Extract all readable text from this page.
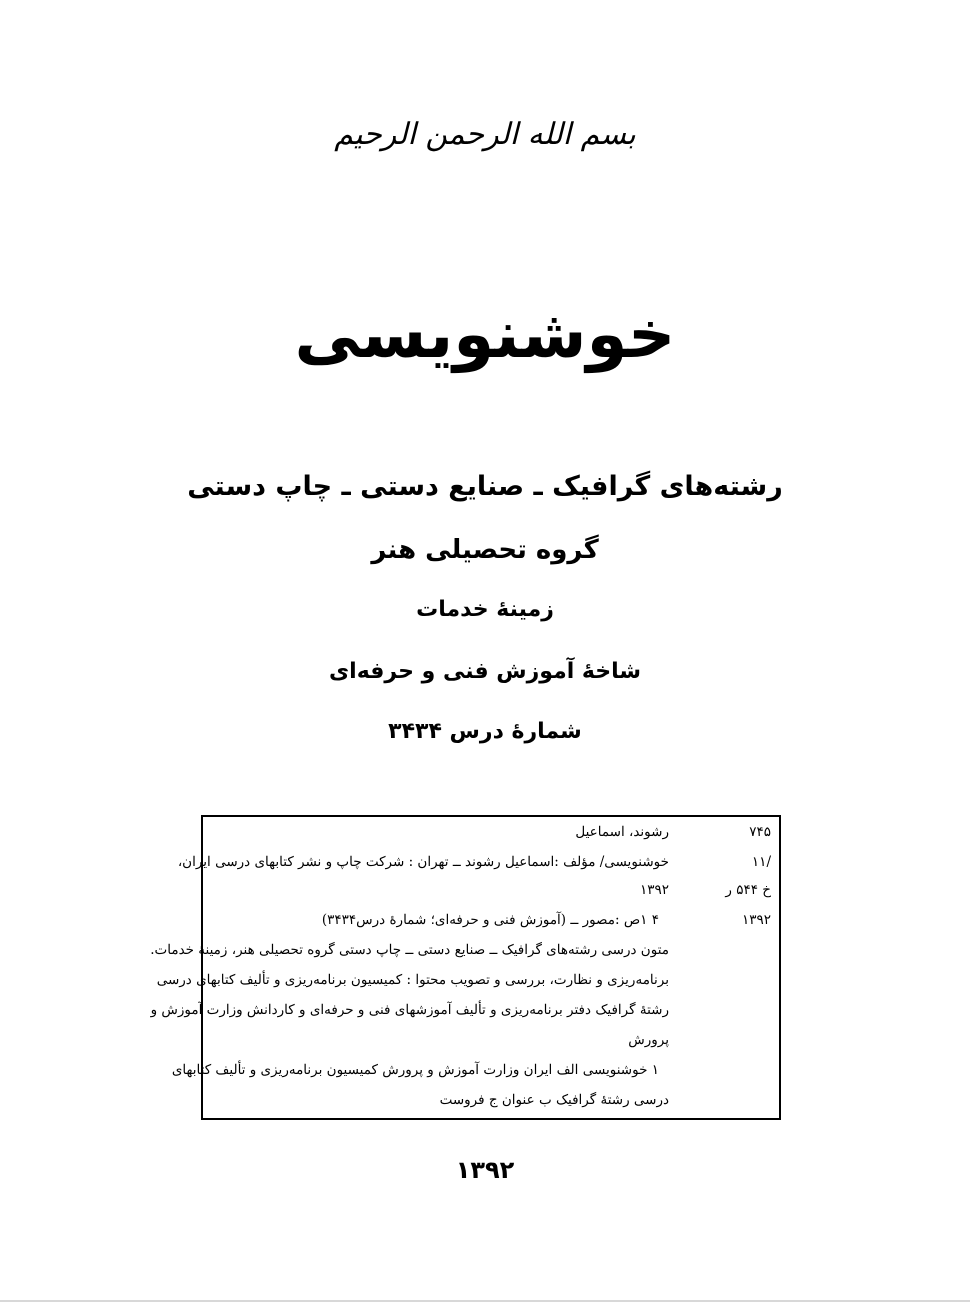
بسم الله الرحمن الرحیم
خوشنویسی
رشته‌های گرافیک ـ صنایع دستی ـ چاپ دستی
گروه تحصیلی هنر
زمینهٔ خدمات
شاخهٔ آموزش فنی و حرفه‌ای
شمارهٔ درس ۳۴۳۴
۷۴۵
رشوند، اسماعیل
/۱۱
خوشنویسی/ مؤلف :اسماعیل رشوند ــ تهران : شرکت چاپ و نشر کتابهای درسی ایران،
خ ۵۴۴ ر
۱۳۹۲
۱۳۹۲
۴ ۱ص :مصور ــ (آموزش فنی و حرفه‌ای؛ شمارهٔ درس۳۴۳۴)
متون درسی رشته‌های گرافیک ــ صنایع دستی ــ چاپ دستی گروه تحصیلی هنر، زمینهٔ خدمات.
برنامه‌ریزی و نظارت، بررسی و تصویب محتوا : کمیسیون برنامه‌ریزی و تألیف کتابهای درسی
رشتهٔ گرافیک دفتر برنامه‌ریزی و تألیف آموزشهای فنی و حرفه‌ای و کاردانش وزارت آموزش و
پرورش
۱ خوشنویسی الف ایران وزارت آموزش و پرورش کمیسیون برنامه‌ریزی و تألیف کتابهای
درسی رشتهٔ گرافیک ب عنوان ج فروست
۱۳۹۲
